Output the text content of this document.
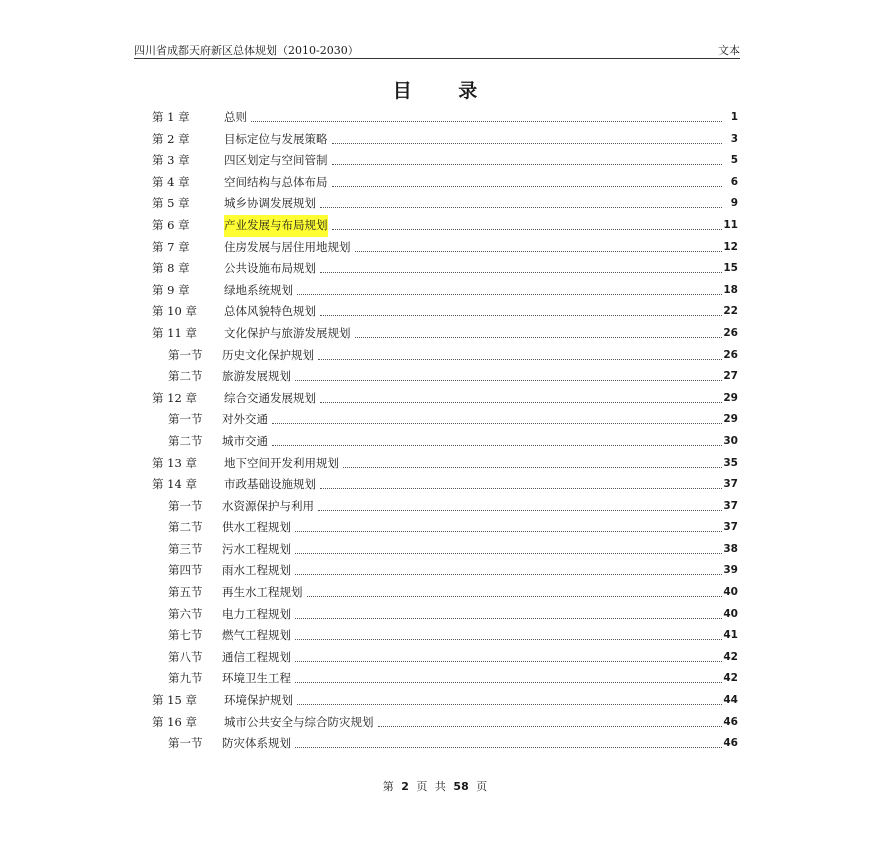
四川省成都天府新区总体规划（2010-2030）	文本
目 录
第 1 章	总则	1
第 2 章	目标定位与发展策略	3
第 3 章	四区划定与空间管制	5
第 4 章	空间结构与总体布局	6
第 5 章	城乡协调发展规划	9
第 6 章	产业发展与布局规划	11
第 7 章	住房发展与居住用地规划	12
第 8 章	公共设施布局规划	15
第 9 章	绿地系统规划	18
第 10 章 总体风貌特色规划	22
第 11 章 文化保护与旅游发展规划	26
第一节 历史文化保护规划	26
第二节 旅游发展规划	27
第 12 章 综合交通发展规划	29
第一节 对外交通	29
第二节 城市交通	30
第 13 章 地下空间开发利用规划	35
第 14 章 市政基础设施规划	37
第一节 水资源保护与利用	37
第二节 供水工程规划	37
第三节 污水工程规划	38
第四节 雨水工程规划	39
第五节 再生水工程规划	40
第六节 电力工程规划	40
第七节 燃气工程规划	41
第八节 通信工程规划	42
第九节 环境卫生工程	42
第 15 章 环境保护规划	44
第 16 章 城市公共安全与综合防灾规划	46
第一节 防灾体系规划	46
第 2 页 共 58 页
